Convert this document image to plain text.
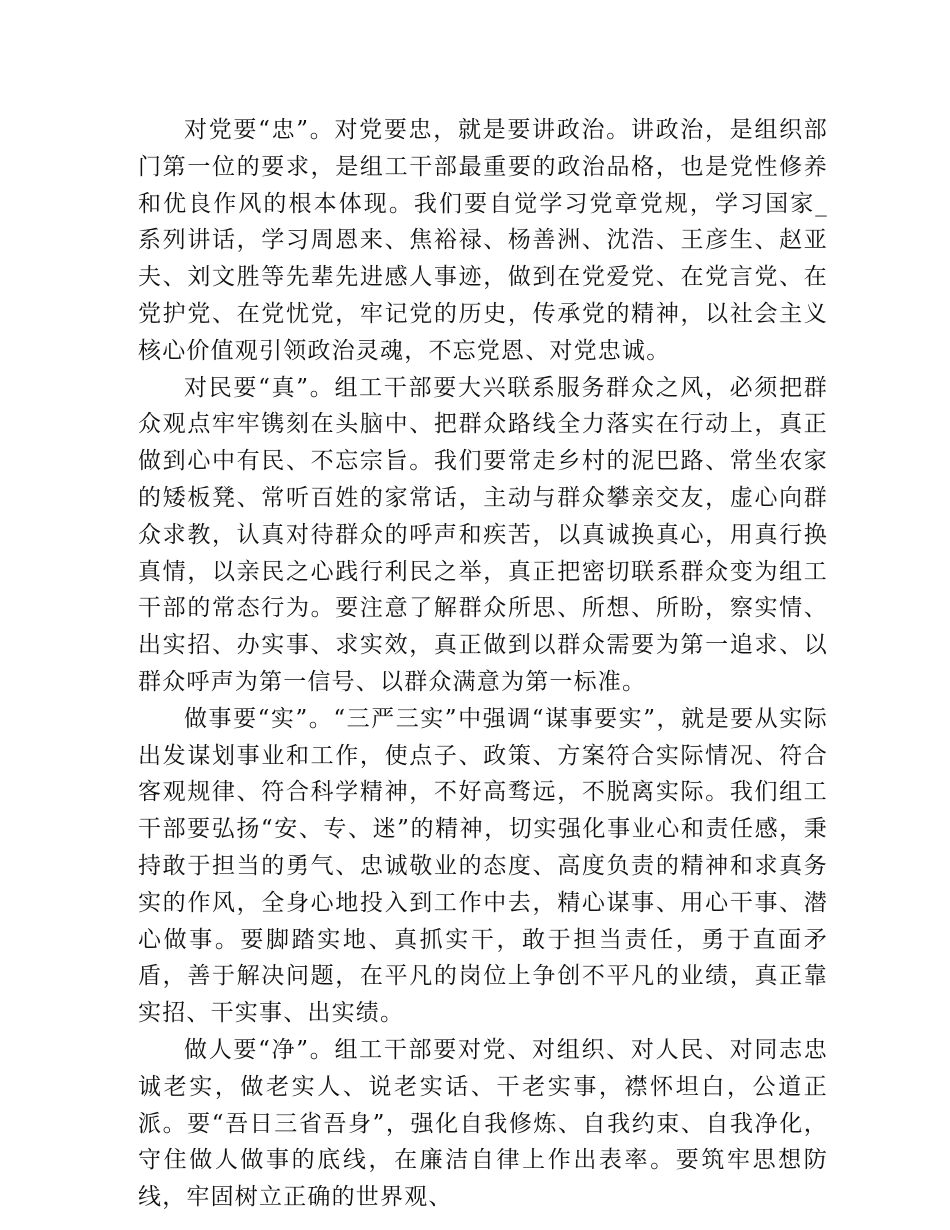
对党要“忠”。对党要忠，就是要讲政治。讲政治，是组织部门第一位的要求，是组工干部最重要的政治品格，也是党性修养和优良作风的根本体现。我们要自觉学习党章党规，学习国家_系列讲话，学习周恩来、焦裕禄、杨善洲、沈浩、王彦生、赵亚夫、刘文胜等先辈先进感人事迹，做到在党爱党、在党言党、在党护党、在党忧党，牢记党的历史，传承党的精神，以社会主义核心价值观引领政治灵魂，不忘党恩、对党忠诚。

对民要“真”。组工干部要大兴联系服务群众之风，必须把群众观点牢牢镌刻在头脑中、把群众路线全力落实在行动上，真正做到心中有民、不忘宗旨。我们要常走乡村的泥巴路、常坐农家的矮板凳、常听百姓的家常话，主动与群众攀亲交友，虚心向群众求教，认真对待群众的呼声和疾苦，以真诚换真心，用真行换真情，以亲民之心践行利民之举，真正把密切联系群众变为组工干部的常态行为。要注意了解群众所思、所想、所盼，察实情、出实招、办实事、求实效，真正做到以群众需要为第一追求、以群众呼声为第一信号、以群众满意为第一标准。

做事要“实”。“三严三实”中强调“谋事要实”，就是要从实际出发谋划事业和工作，使点子、政策、方案符合实际情况、符合客观规律、符合科学精神，不好高骛远，不脱离实际。我们组工干部要弘扬“安、专、迷”的精神，切实强化事业心和责任感，秉持敢于担当的勇气、忠诚敬业的态度、高度负责的精神和求真务实的作风，全身心地投入到工作中去，精心谋事、用心干事、潜心做事。要脚踏实地、真抓实干，敢于担当责任，勇于直面矛盾，善于解决问题，在平凡的岗位上争创不平凡的业绩，真正靠实招、干实事、出实绩。

做人要“净”。组工干部要对党、对组织、对人民、对同志忠诚老实，做老实人、说老实话、干老实事，襟怀坦白，公道正派。要“吾日三省吾身”，强化自我修炼、自我约束、自我净化，守住做人做事的底线，在廉洁自律上作出表率。要筑牢思想防线，牢固树立正确的世界观、
